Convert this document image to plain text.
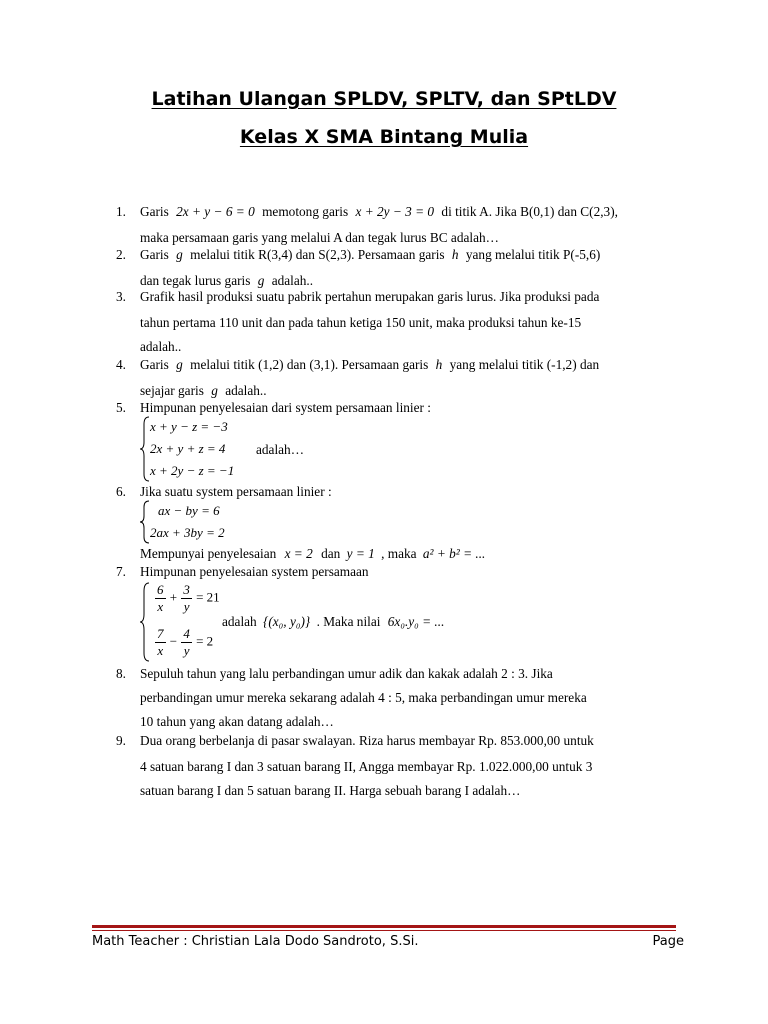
Latihan Ulangan SPLDV, SPLTV, dan SPtLDV
Kelas X SMA Bintang Mulia
1.	Garis 2x + y − 6 = 0 memotong garis x + 2y − 3 = 0 di titik A. Jika B(0,1) dan C(2,3),
maka persamaan garis yang melalui A dan tegak lurus BC adalah…
2.	Garis g melalui titik R(3,4) dan S(2,3). Persamaan garis h yang melalui titik P(-5,6)
dan tegak lurus garis g adalah..
3.	Grafik hasil produksi suatu pabrik pertahun merupakan garis lurus. Jika produksi pada
tahun pertama 110 unit dan pada tahun ketiga 150 unit, maka produksi tahun ke-15
adalah..
4.	Garis g melalui titik (1,2) dan (3,1). Persamaan garis h yang melalui titik (-1,2) dan
sejajar garis g adalah..
5.	Himpunan penyelesaian dari system persamaan linier :
x + y − z = −3
2x + y + z = 4
x + 2y − z = −1
adalah…
6.	Jika suatu system persamaan linier :
ax − by = 6
2ax + 3by = 2
Mempunyai penyelesaian x = 2 dan y = 1 , maka a² + b² = ...
7.	Himpunan penyelesaian system persamaan
$\frac{6}{x} + \frac{3}{y} = 21$
$\frac{7}{x} - \frac{4}{y} = 2$
adalah {(x₀, y₀)} . Maka nilai 6x₀.y₀ = ...
8.	Sepuluh tahun yang lalu perbandingan umur adik dan kakak adalah 2 : 3. Jika
perbandingan umur mereka sekarang adalah 4 : 5, maka perbandingan umur mereka
10 tahun yang akan datang adalah…
9.	Dua orang berbelanja di pasar swalayan. Riza harus membayar Rp. 853.000,00 untuk
4 satuan barang I dan 3 satuan barang II, Angga membayar Rp. 1.022.000,00 untuk 3
satuan barang I dan 5 satuan barang II. Harga sebuah barang I adalah…
Math Teacher : Christian Lala Dodo Sandroto, S.Si.	Page
